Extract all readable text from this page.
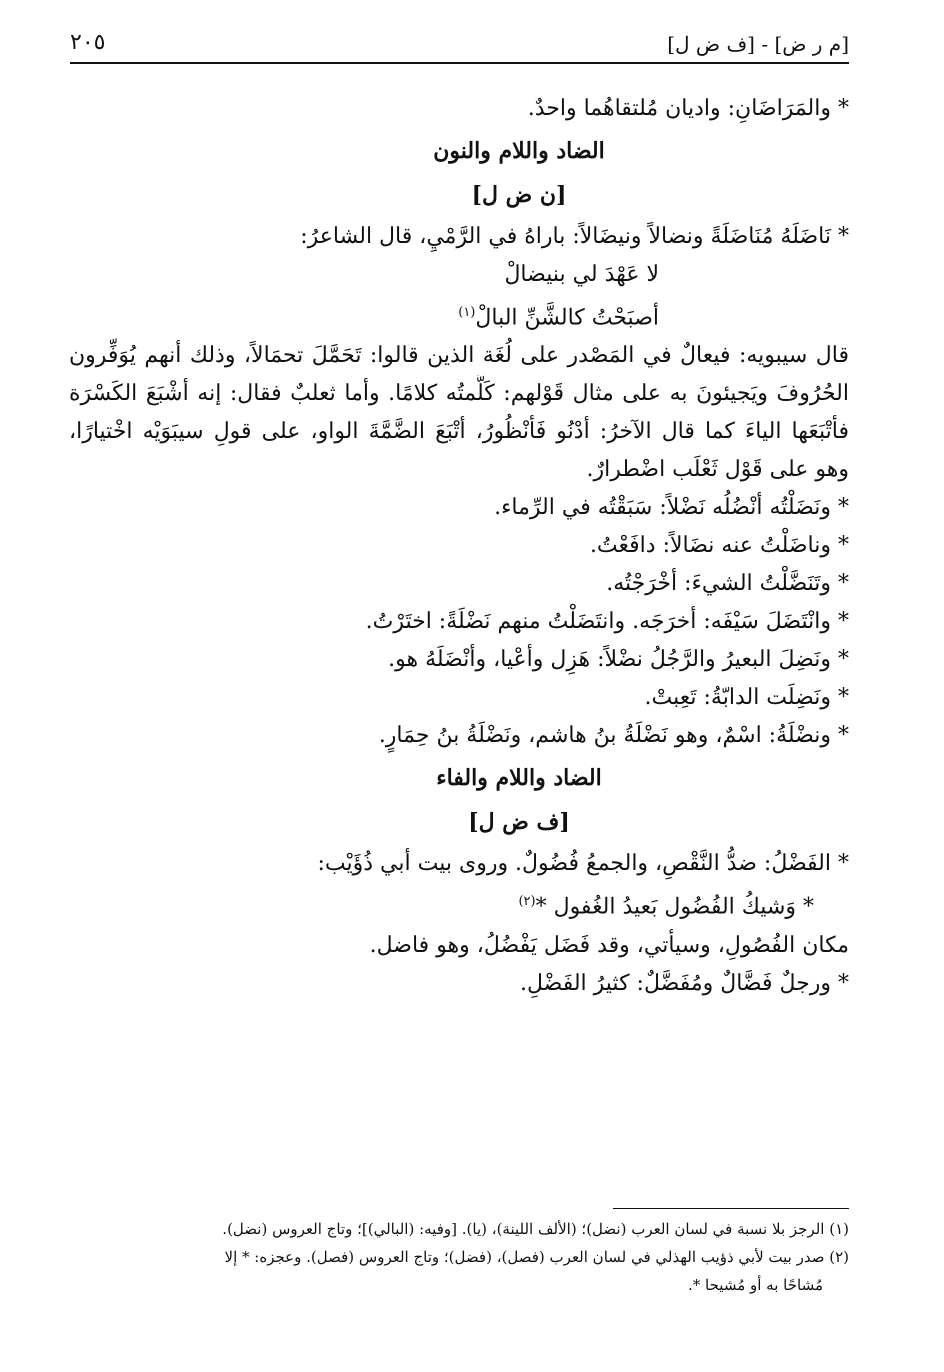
[م ر ض] - [ف ض ل]
٢٠٥

* والمَرَاضَانِ: واديان مُلتقاهُما واحدٌ.

الضاد واللام والنون

[ن ض ل]

* نَاضَلَهُ مُنَاضَلَةً ونضالاً ونيضَالاً: باراهُ في الرَّمْيِ، قال الشاعرُ:

لا عَهْدَ لي بنيضالْ

أصبَحْتُ كالشَّنِّ البالْ$^{(١)}$

قال سيبويه: فيعالٌ في المَصْدر على لُغَة الذين قالوا: تَحَمَّلَ تحمَالاً، وذلك أنهم يُوَفِّرون

الحُرُوفَ ويَجيئونَ به على مثال قَوْلهم: كَلَّمتُه كلامًا. وأما ثعلبٌ فقال: إنه أشْبَعَ الكَسْرَة

فأتْبَعَها الياءَ كما قال الآخرُ: أدْنُو فَأنْظُورُ، أتْبَعَ الضَّمَّةَ الواو، على قولِ سيبَوَيْه اخْتيارًا،

وهو على قَوْل ثَعْلَب اضْطرارٌ.

* ونَضَلْتُه أنْضُلُه نَضْلاً: سَبَقْتُه في الرِّماء.

* وناضَلْتُ عنه نضَالاً: دافَعْتُ.

* وتَنَضَّلْتُ الشيءَ: أخْرَجْتُه.

* وانْتَضَلَ سَيْفَه: أخرَجَه. وانتَضَلْتُ منهم نَضْلَةً: اختَرْتُ.

* ونَضِلَ البعيرُ والرَّجُلُ نضْلاً: هَزِل وأعْيا، وأنْضَلَهُ هو.

* ونَضِلَت الدابّةُ: تَعِبتْ.

* ونضْلَةُ: اسْمٌ، وهو نَضْلَةُ بنُ هاشم، ونَضْلَةُ بنُ حِمَارٍ.

الضاد واللام والفاء

[ف ض ل]

* الفَضْلُ: ضدُّ النَّقْصِ، والجمعُ فُضُولٌ. وروى بيت أبي ذُؤَيْب:

* وَشيكُ الفُضُول بَعيدُ الغُفول *$^{(٢)}$

مكان الفُصُولِ، وسيأتي، وقد فَضَل يَفْضُلُ، وهو فاضل.

* ورجلٌ فَضَّالٌ ومُفَضَّلٌ: كثيرُ الفَضْلِ.

(١) الرجز بلا نسبة في لسان العرب (نضل)؛ (الألف اللينة)، (يا). [وفيه: (البالي)]؛ وتاج العروس (نضل).

(٢) صدر بيت لأبي ذؤيب الهذلي في لسان العرب (فصل)، (فضل)؛ وتاج العروس (فصل). وعجزه: * إلا
مُشاحًا به أو مُشيحا *.
